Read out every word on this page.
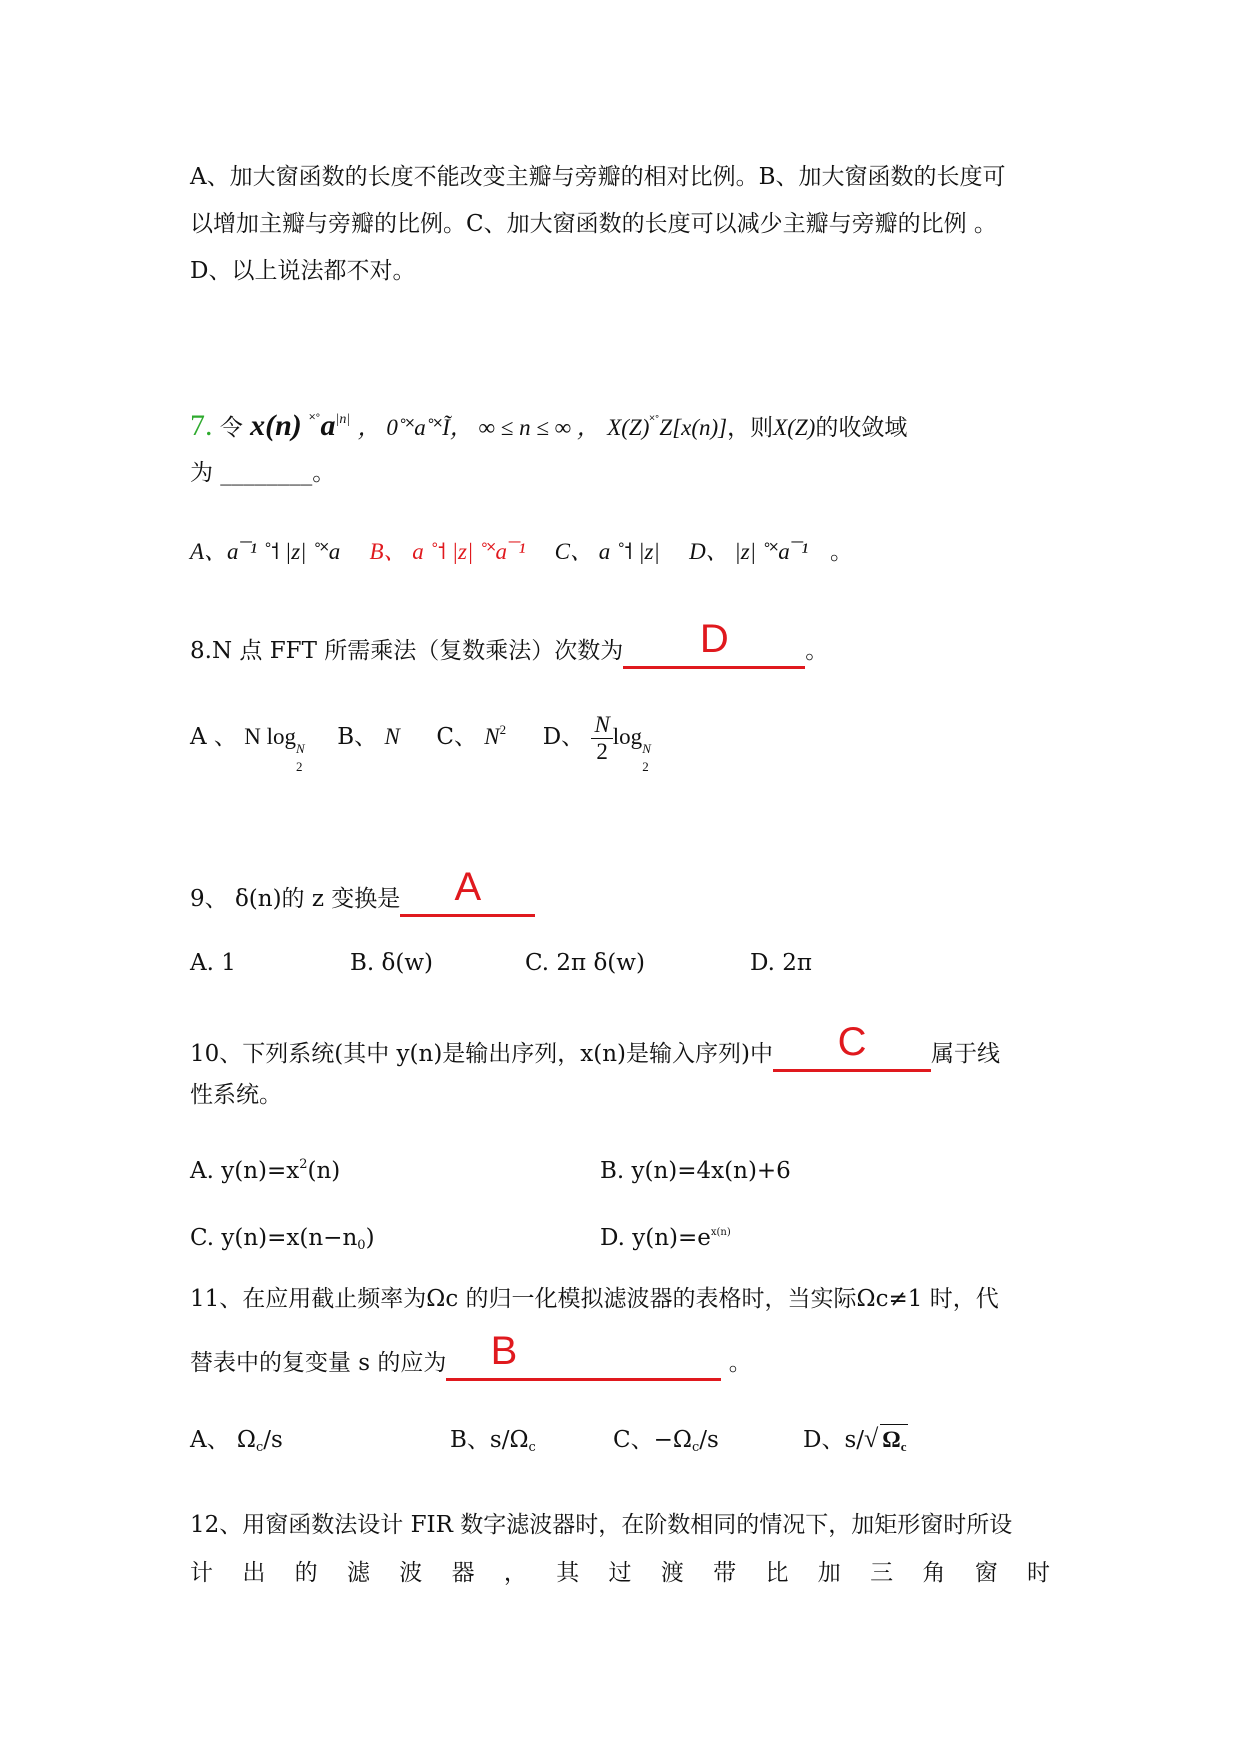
A、加大窗函数的长度不能改变主瓣与旁瓣的相对比例。B、加大窗函数的长度可
以增加主瓣与旁瓣的比例。C、加大窗函数的长度可以减少主瓣与旁瓣的比例 。
D、以上说法都不对。
7. 令 x(n) $^{˟˚}a^{|n|}$ ， 0˚˟a˚˟Ĩ， ∞ ≤ n ≤ ∞ ， X(Z)˟˚Z[x(n)]，则X(Z)的收敛域
为 ________。
A、a¯¹ ˚˦ |z| ˚˟a B、 a ˚˦ |z| ˚˟a¯¹ C、 a ˚˦ |z| D、 |z| ˚˟a¯¹ 。
8.N 点 FFT 所需乘法（复数乘法）次数为 D	。
A 、 N log N
2
B、 N C、 $N^2$ D、 $\frac{N}{2}$ log N
2
9、 δ(n)的 z 变换是 A
A. 1	B. δ(w)	C. 2π δ(w)	D. 2π
10、下列系统(其中 y(n)是输出序列，x(n)是输入序列)中 C	属于线
性系统。
A. $y(n)=x^2(n)$	B. y(n)=4x(n)+6
C. $y(n)=x(n-n_0)$	D. $y(n)=e^{x(n)}$
11、在应用截止频率为Ωc 的归一化模拟滤波器的表格时，当实际Ωc≠1 时，代
替表中的复变量 s 的应为 B	。
A、 $\Omega_c/s$	B、$s/\Omega_c$	C、$-\Omega_c/s$	D、s/√ $\Omega_c$
12、用窗函数法设计 FIR 数字滤波器时，在阶数相同的情况下，加矩形窗时所设
计 出 的 滤 波 器 ， 其 过 渡 带 比 加 三 角 窗 时
